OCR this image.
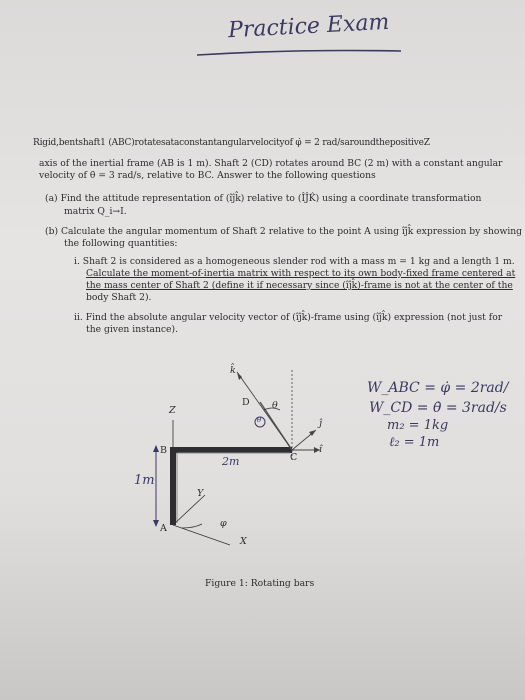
Practice Exam
Rigid,bentshaft1 (ABC)rotatesataconstantangularvelocityof φ̇ = 2 rad/saroundthepositiveZ
axis of the inertial frame (AB is 1 m). Shaft 2 (CD) rotates around BC (2 m) with a constant angular
velocity of θ̇ = 3 rad/s, relative to BC. Answer to the following questions
(a) Find the attitude representation of (îĵk̂) relative to (ÎĴK̂) using a coordinate transformation
matrix Q_i→I.
(b) Calculate the angular momentum of Shaft 2 relative to the point A using îĵk̂ expression by showing
the following quantities:
i. Shaft 2 is considered as a homogeneous slender rod with a mass m = 1 kg and a length 1 m.
Calculate the moment-of-inertia matrix with respect to its own body-fixed frame centered at
the mass center of Shaft 2 (define it if necessary since (îĵk̂)-frame is not at the center of the
body Shaft 2).
ii. Find the absolute angular velocity vector of (îĵk̂)-frame using (îĵk̂) expression (not just for
the given instance).
Z
B
C
D
A
Y
X
θ
φ
î
ĵ
k̂
θ
2m
1m
W_ABC = φ̇ = 2rad/
W_CD = θ̇ = 3rad/s
m₂ = 1kg
ℓ₂ = 1m
Figure 1: Rotating bars
